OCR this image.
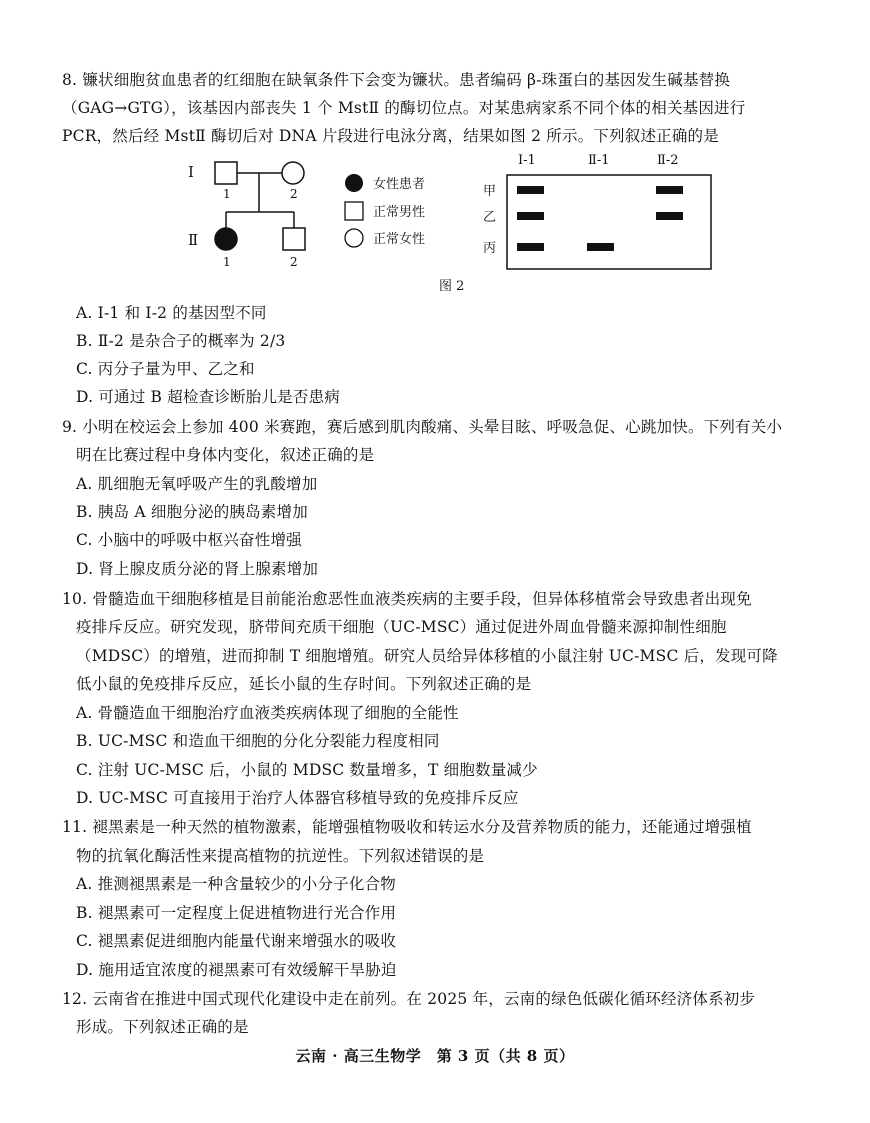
8. 镰状细胞贫血患者的红细胞在缺氧条件下会变为镰状。患者编码 β-珠蛋白的基因发生碱基替换
（GAG→GTG），该基因内部丧失 1 个 MstⅡ 的酶切位点。对某患病家系不同个体的相关基因进行
PCR，然后经 MstⅡ 酶切后对 DNA 片段进行电泳分离，结果如图 2 所示。下列叙述正确的是
Ⅰ
1	2
Ⅱ
1	2
女性患者
正常男性
正常女性
Ⅰ-1	Ⅱ-1	Ⅱ-2
甲
乙
丙
图 2
A. Ⅰ-1 和 Ⅰ-2 的基因型不同
B. Ⅱ-2 是杂合子的概率为 2/3
C. 丙分子量为甲、乙之和
D. 可通过 B 超检查诊断胎儿是否患病
9. 小明在校运会上参加 400 米赛跑，赛后感到肌肉酸痛、头晕目眩、呼吸急促、心跳加快。下列有关小
明在比赛过程中身体内变化，叙述正确的是
A. 肌细胞无氧呼吸产生的乳酸增加
B. 胰岛 A 细胞分泌的胰岛素增加
C. 小脑中的呼吸中枢兴奋性增强
D. 肾上腺皮质分泌的肾上腺素增加
10. 骨髓造血干细胞移植是目前能治愈恶性血液类疾病的主要手段，但异体移植常会导致患者出现免
疫排斥反应。研究发现，脐带间充质干细胞（UC-MSC）通过促进外周血骨髓来源抑制性细胞
（MDSC）的增殖，进而抑制 T 细胞增殖。研究人员给异体移植的小鼠注射 UC-MSC 后，发现可降
低小鼠的免疫排斥反应，延长小鼠的生存时间。下列叙述正确的是
A. 骨髓造血干细胞治疗血液类疾病体现了细胞的全能性
B. UC-MSC 和造血干细胞的分化分裂能力程度相同
C. 注射 UC-MSC 后，小鼠的 MDSC 数量增多，T 细胞数量减少
D. UC-MSC 可直接用于治疗人体器官移植导致的免疫排斥反应
11. 褪黑素是一种天然的植物激素，能增强植物吸收和转运水分及营养物质的能力，还能通过增强植
物的抗氧化酶活性来提高植物的抗逆性。下列叙述错误的是
A. 推测褪黑素是一种含量较少的小分子化合物
B. 褪黑素可一定程度上促进植物进行光合作用
C. 褪黑素促进细胞内能量代谢来增强水的吸收
D. 施用适宜浓度的褪黑素可有效缓解干旱胁迫
12. 云南省在推进中国式现代化建设中走在前列。在 2025 年，云南的绿色低碳化循环经济体系初步
形成。下列叙述正确的是
云南 · 高三生物学　第 3 页（共 8 页）
